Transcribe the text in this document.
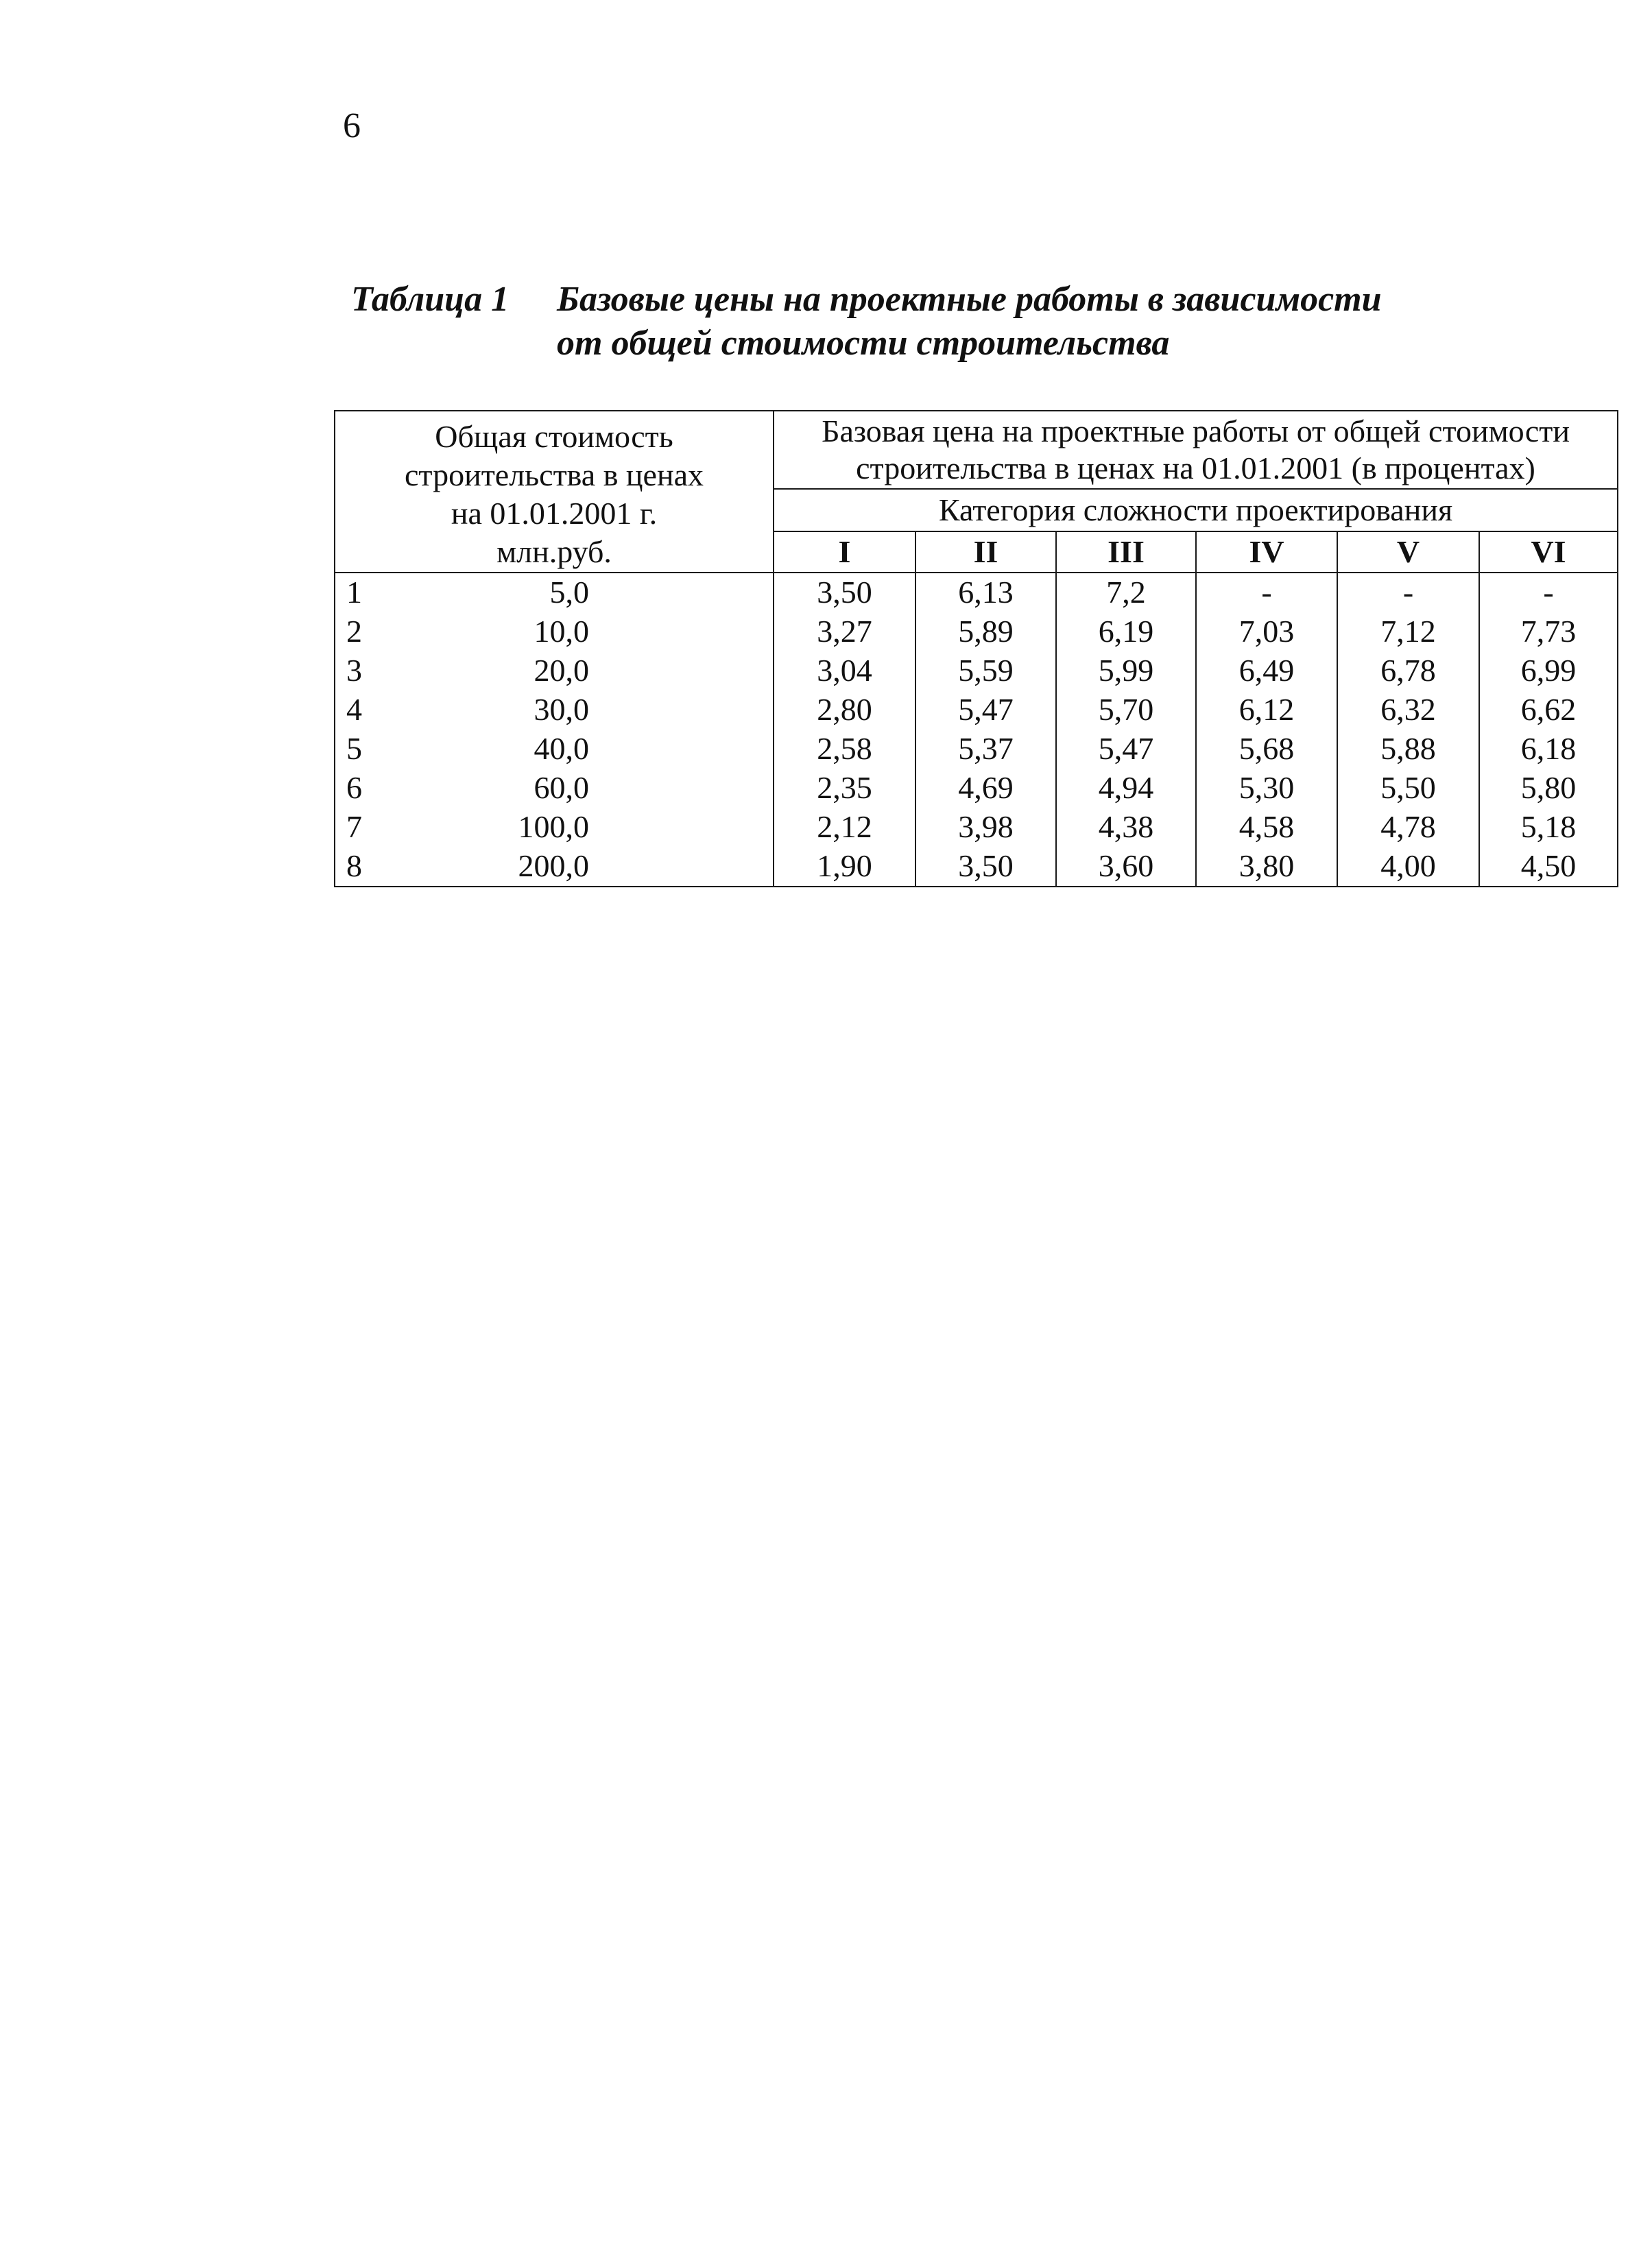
6
Таблица 1	Базовые цены на проектные работы в зависимости
от общей стоимости строительства
Общая стоимость
строительства в ценах
на 01.01.2001 г.
млн.руб.		Базовая цена на проектные работы от общей стоимости
строительства в ценах на 01.01.2001 (в процентах)					

		Категория сложности проектирования					
		I	II	III	IV	V	VI
1	5,0	3,50	6,13	7,2	-	-	-
2	10,0	3,27	5,89	6,19	7,03	7,12	7,73
3	20,0	3,04	5,59	5,99	6,49	6,78	6,99
4	30,0	2,80	5,47	5,70	6,12	6,32	6,62
5	40,0	2,58	5,37	5,47	5,68	5,88	6,18
6	60,0	2,35	4,69	4,94	5,30	5,50	5,80
7	100,0	2,12	3,98	4,38	4,58	4,78	5,18
8	200,0	1,90	3,50	3,60	3,80	4,00	4,50
